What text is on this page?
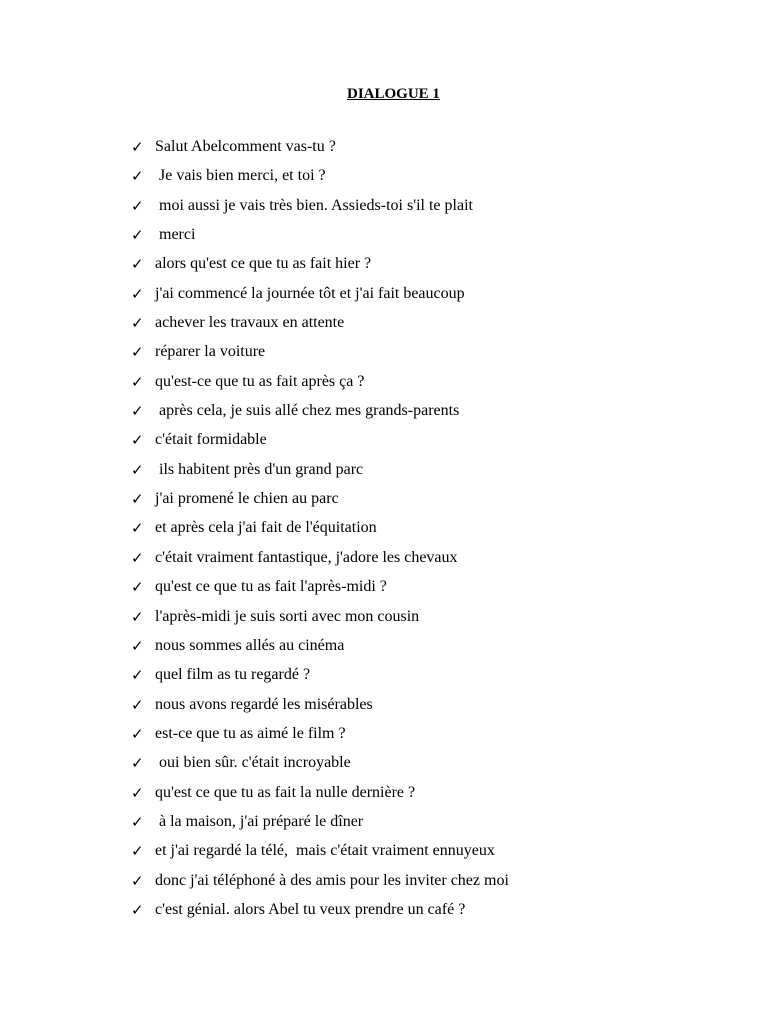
DIALOGUE 1
✓ Salut Abelcomment vas-tu ?
✓ Je vais bien merci, et toi ?
✓ moi aussi je vais très bien. Assieds-toi s'il te plait
✓ merci
✓ alors qu'est ce que tu as fait hier ?
✓ j'ai commencé la journée tôt et j'ai fait beaucoup
✓ achever les travaux en attente
✓ réparer la voiture
✓ qu'est-ce que tu as fait après ça ?
✓ après cela, je suis allé chez mes grands-parents
✓ c'était formidable
✓ ils habitent près d'un grand parc
✓ j'ai promené le chien au parc
✓ et après cela j'ai fait de l'équitation
✓ c'était vraiment fantastique, j'adore les chevaux
✓ qu'est ce que tu as fait l'après-midi ?
✓ l'après-midi je suis sorti avec mon cousin
✓ nous sommes allés au cinéma
✓ quel film as tu regardé ?
✓ nous avons regardé les misérables
✓ est-ce que tu as aimé le film ?
✓ oui bien sûr. c'était incroyable
✓ qu'est ce que tu as fait la nulle dernière ?
✓ à la maison, j'ai préparé le dîner
✓ et j'ai regardé la télé,  mais c'était vraiment ennuyeux
✓ donc j'ai téléphoné à des amis pour les inviter chez moi
✓ c'est génial. alors Abel tu veux prendre un café ?
